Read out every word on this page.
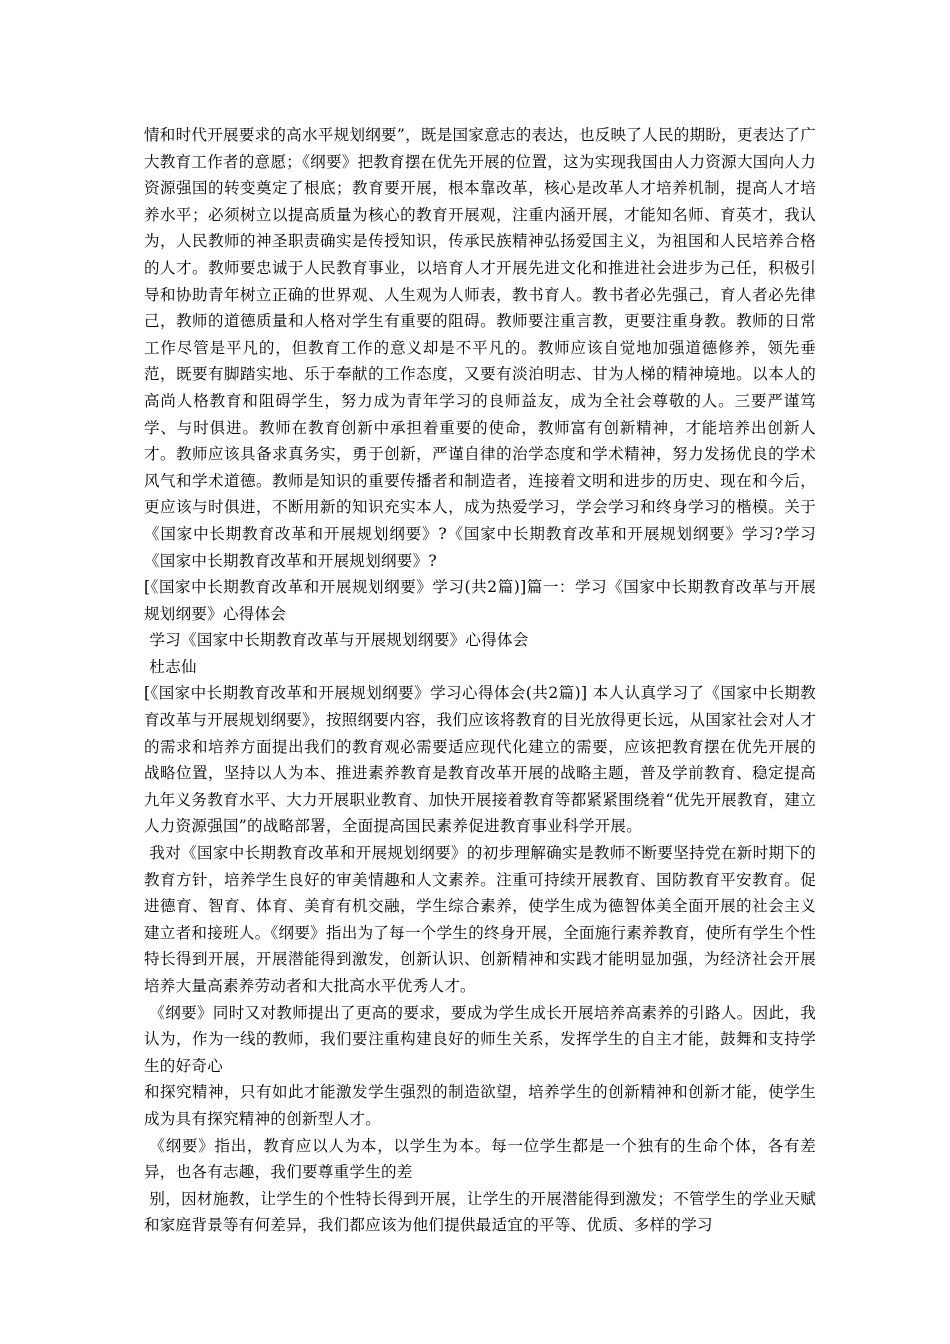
情和时代开展要求的高水平规划纲要”，既是国家意志的表达，也反映了人民的期盼，更表达了广大教育工作者的意愿；《纲要》把教育摆在优先开展的位置，这为实现我国由人力资源大国向人力资源强国的转变奠定了根底；教育要开展，根本靠改革，核心是改革人才培养机制，提高人才培养水平；必须树立以提高质量为核心的教育开展观，注重内涵开展，才能知名师、育英才，我认为，人民教师的神圣职责确实是传授知识，传承民族精神弘扬爱国主义，为祖国和人民培养合格的人才。教师要忠诚于人民教育事业，以培育人才开展先进文化和推进社会进步为己任，积极引导和协助青年树立正确的世界观、人生观为人师表，教书育人。教书者必先强己，育人者必先律己，教师的道德质量和人格对学生有重要的阻碍。教师要注重言教，更要注重身教。教师的日常工作尽管是平凡的，但教育工作的意义却是不平凡的。教师应该自觉地加强道德修养，领先垂范，既要有脚踏实地、乐于奉献的工作态度，又要有淡泊明志、甘为人梯的精神境地。以本人的高尚人格教育和阻碍学生，努力成为青年学习的良师益友，成为全社会尊敬的人。三要严谨笃学、与时俱进。教师在教育创新中承担着重要的使命，教师富有创新精神，才能培养出创新人才。教师应该具备求真务实，勇于创新，严谨自律的治学态度和学术精神，努力发扬优良的学术风气和学术道德。教师是知识的重要传播者和制造者，连接着文明和进步的历史、现在和今后，更应该与时俱进，不断用新的知识充实本人，成为热爱学习，学会学习和终身学习的楷模。关于《国家中长期教育改革和开展规划纲要》?《国家中长期教育改革和开展规划纲要》学习?学习《国家中长期教育改革和开展规划纲要》?

[《国家中长期教育改革和开展规划纲要》学习(共2篇)]篇一：学习《国家中长期教育改革与开展规划纲要》心得体会

学习《国家中长期教育改革与开展规划纲要》心得体会

杜志仙

[《国家中长期教育改革和开展规划纲要》学习心得体会(共2篇)] 本人认真学习了《国家中长期教育改革与开展规划纲要》，按照纲要内容，我们应该将教育的目光放得更长远，从国家社会对人才的需求和培养方面提出我们的教育观必需要适应现代化建立的需要，应该把教育摆在优先开展的战略位置，坚持以人为本、推进素养教育是教育改革开展的战略主题，普及学前教育、稳定提高九年义务教育水平、大力开展职业教育、加快开展接着教育等都紧紧围绕着“优先开展教育，建立人力资源强国”的战略部署，全面提高国民素养促进教育事业科学开展。

我对《国家中长期教育改革和开展规划纲要》的初步理解确实是教师不断要坚持党在新时期下的教育方针，培养学生良好的审美情趣和人文素养。注重可持续开展教育、国防教育平安教育。促进德育、智育、体育、美育有机交融，学生综合素养，使学生成为德智体美全面开展的社会主义建立者和接班人。《纲要》指出为了每一个学生的终身开展，全面施行素养教育，使所有学生个性特长得到开展，开展潜能得到激发，创新认识、创新精神和实践才能明显加强，为经济社会开展培养大量高素养劳动者和大批高水平优秀人才。

《纲要》同时又对教师提出了更高的要求，要成为学生成长开展培养高素养的引路人。因此，我认为，作为一线的教师，我们要注重构建良好的师生关系，发挥学生的自主才能，鼓舞和支持学生的好奇心

和探究精神，只有如此才能激发学生强烈的制造欲望，培养学生的创新精神和创新才能，使学生成为具有探究精神的创新型人才。

《纲要》指出，教育应以人为本，以学生为本。每一位学生都是一个独有的生命个体，各有差异，也各有志趣，我们要尊重学生的差

别，因材施教，让学生的个性特长得到开展，让学生的开展潜能得到激发；不管学生的学业天赋和家庭背景等有何差异，我们都应该为他们提供最适宜的平等、优质、多样的学习
